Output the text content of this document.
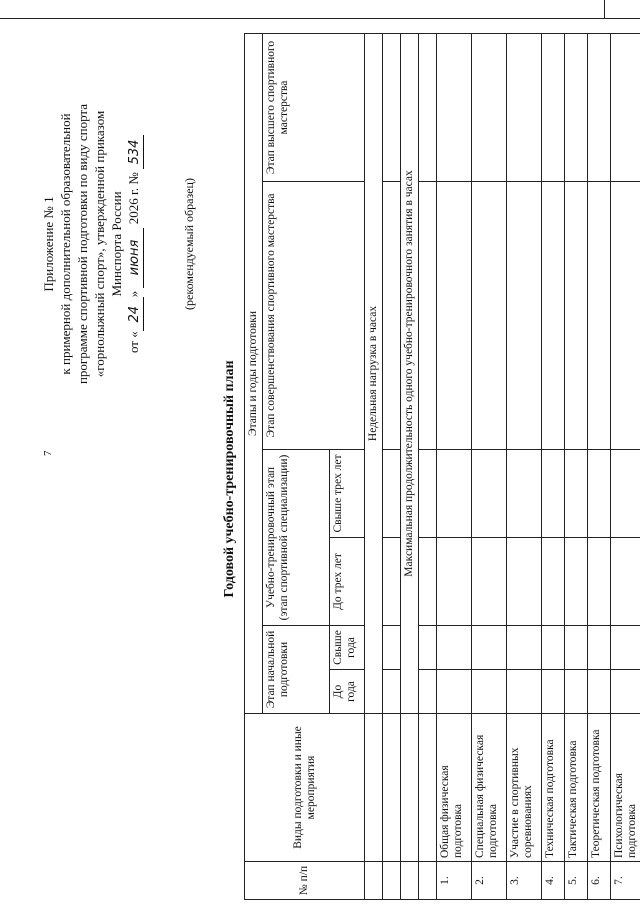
7
Приложение № 1 к примерной дополнительной образовательной программе спортивной подготовки по виду спорта «горнолыжный спорт», утвержденной приказом Минспорта России
от «24» июня 2026 г. № 534
(рекомендуемый образец)
Годовой учебно-тренировочный план
№ п/п	Виды подготовки и иные мероприятия	Этапы и годы подготовки					
		Этап начальной подготовки		Учебно-тренировочный этап (этап спортивной специализации)		Этап совершенствования спортивного мастерства	Этап высшего спортивного мастерства
		До года	Свыше года	До трех лет	Свыше трех лет		
		Недельная нагрузка в часах					

		Максимальная продолжительность одного учебно-тренировочного занятия в часах					

1.	Общая физическая подготовка						
2.	Специальная физическая подготовка						
3.	Участие в спортивных соревнованиях						
4.	Техническая подготовка						
5.	Тактическая подготовка						
6.	Теоретическая подготовка						
7.	Психологическая подготовка						
